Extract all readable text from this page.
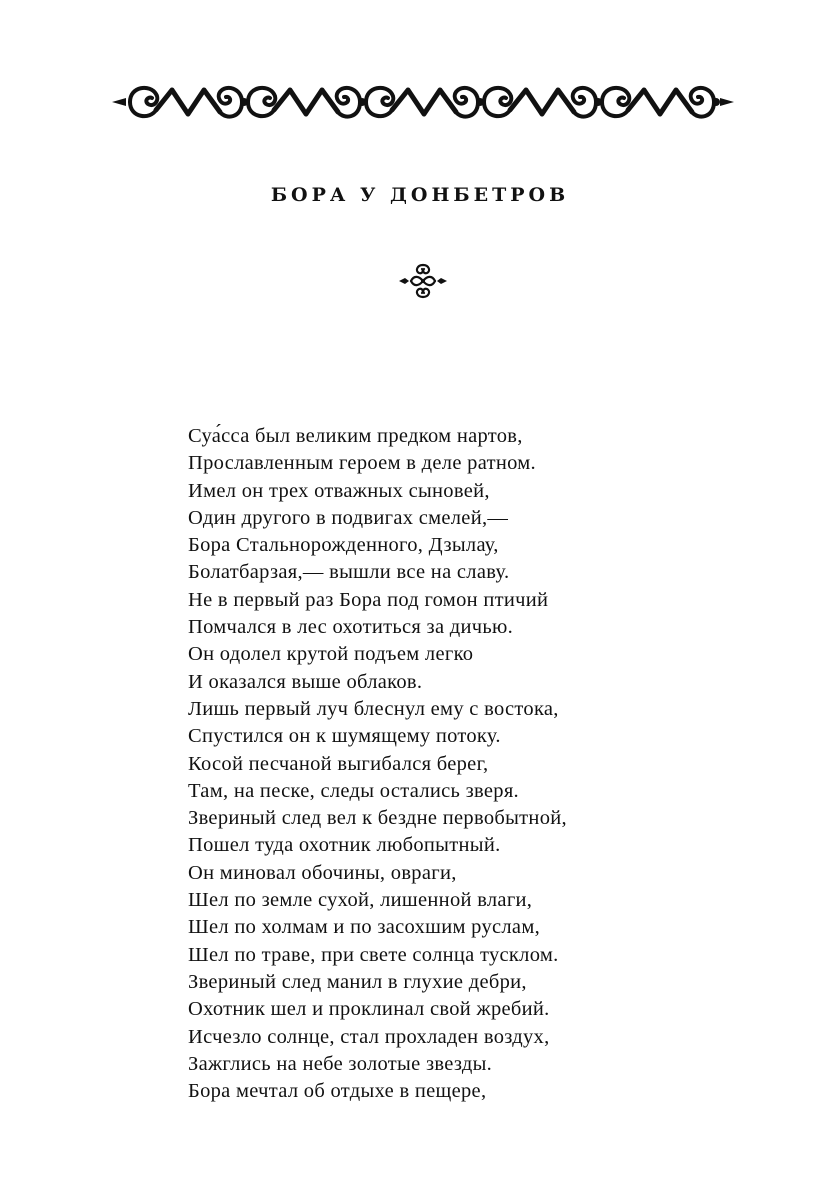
БОРА У ДОНБЕТРОВ
Суа́сса был великим предком нартов,
Прославленным героем в деле ратном.
Имел он трех отважных сыновей,
Один другого в подвигах смелей,—
Бора Стальнорожденного, Дзылау,
Болатбарзая,— вышли все на славу.
Не в первый раз Бора под гомон птичий
Помчался в лес охотиться за дичью.
Он одолел крутой подъем легко
И оказался выше облаков.
Лишь первый луч блеснул ему с востока,
Спустился он к шумящему потоку.
Косой песчаной выгибался берег,
Там, на песке, следы остались зверя.
Звериный след вел к бездне первобытной,
Пошел туда охотник любопытный.
Он миновал обочины, овраги,
Шел по земле сухой, лишенной влаги,
Шел по холмам и по засохшим руслам,
Шел по траве, при свете солнца тусклом.
Звериный след манил в глухие дебри,
Охотник шел и проклинал свой жребий.
Исчезло солнце, стал прохладен воздух,
Зажглись на небе золотые звезды.
Бора мечтал об отдыхе в пещере,
